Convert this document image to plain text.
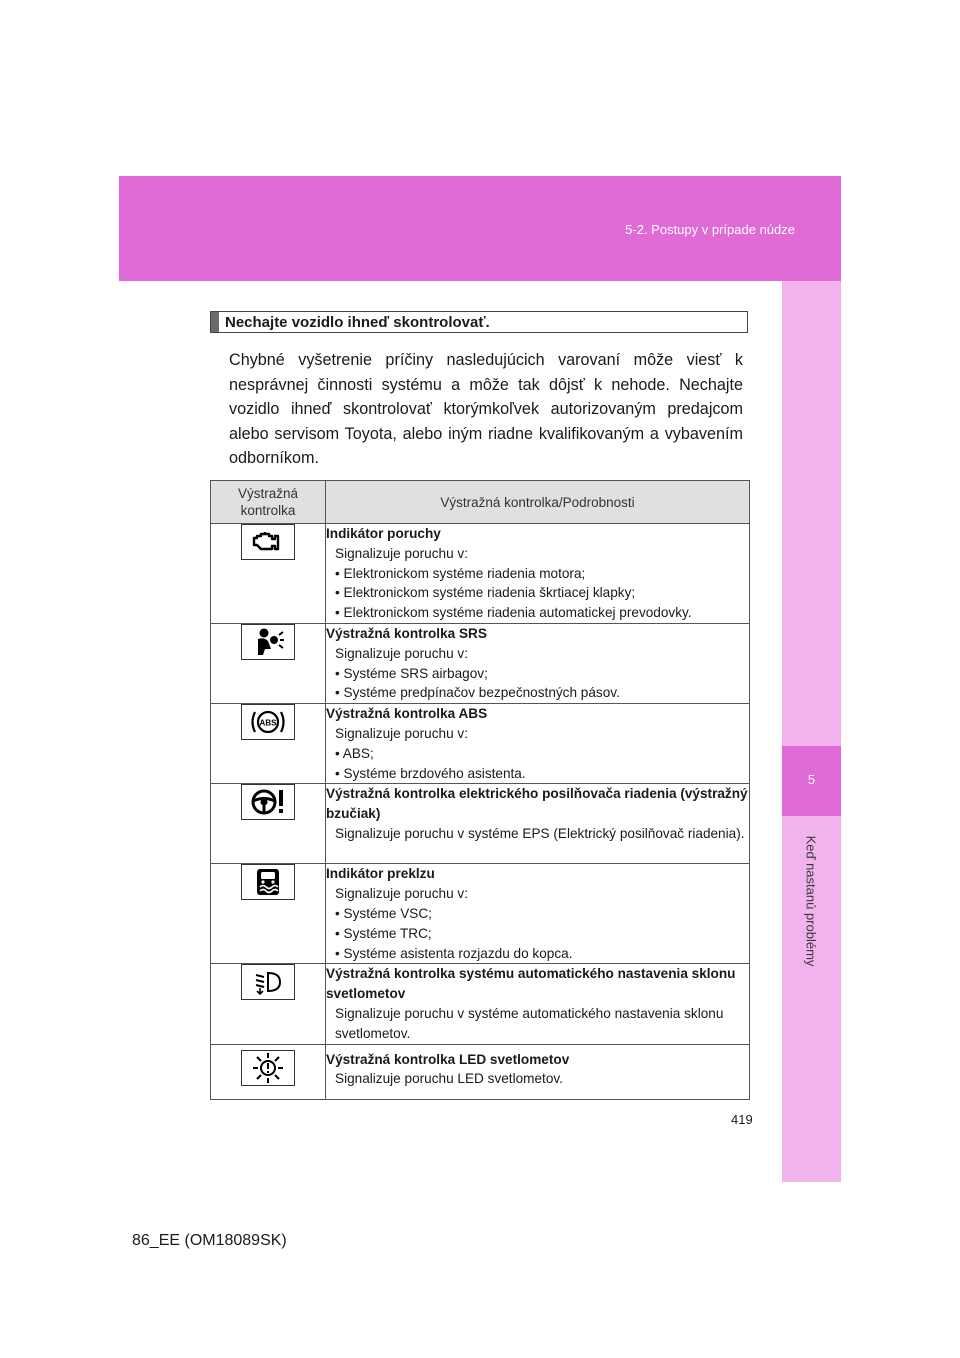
5-2. Postupy v prípade núdze
5
Keď nastanú problémy
Nechajte vozidlo ihneď skontrolovať.

Chybné vyšetrenie príčiny nasledujúcich varovaní môže viesť k nesprávnej činnosti systému a môže tak dôjsť k nehode. Nechajte vozidlo ihneď skontrolovať ktorýmkoľvek autorizovaným predajcom alebo servisom Toyota, alebo iným riadne kvalifikovaným a vybavením odborníkom.

Výstražná kontrolka	Výstražná kontrolka/Podrobnosti

Indikátor poruchy
Signalizuje poruchu v:
• Elektronickom systéme riadenia motora;
• Elektronickom systéme riadenia škrtiacej klapky;
• Elektronickom systéme riadenia automatickej prevodovky.

Výstražná kontrolka SRS
Signalizuje poruchu v:
• Systéme SRS airbagov;
• Systéme predpínačov bezpečnostných pásov.

ABS	Výstražná kontrolka ABS
Signalizuje poruchu v:
• ABS;
• Systéme brzdového asistenta.

Výstražná kontrolka elektrického posilňovača riadenia (výstražný bzučiak)
Signalizuje poruchu v systéme EPS (Elektrický posilňovač riadenia).

Indikátor preklzu
Signalizuje poruchu v:
• Systéme VSC;
• Systéme TRC;
• Systéme asistenta rozjazdu do kopca.

Výstražná kontrolka systému automatického nastavenia sklonu svetlometov
Signalizuje poruchu v systéme automatického nastavenia sklonu svetlometov.

Výstražná kontrolka LED svetlometov
Signalizuje poruchu LED svetlometov.
419
86_EE (OM18089SK)
